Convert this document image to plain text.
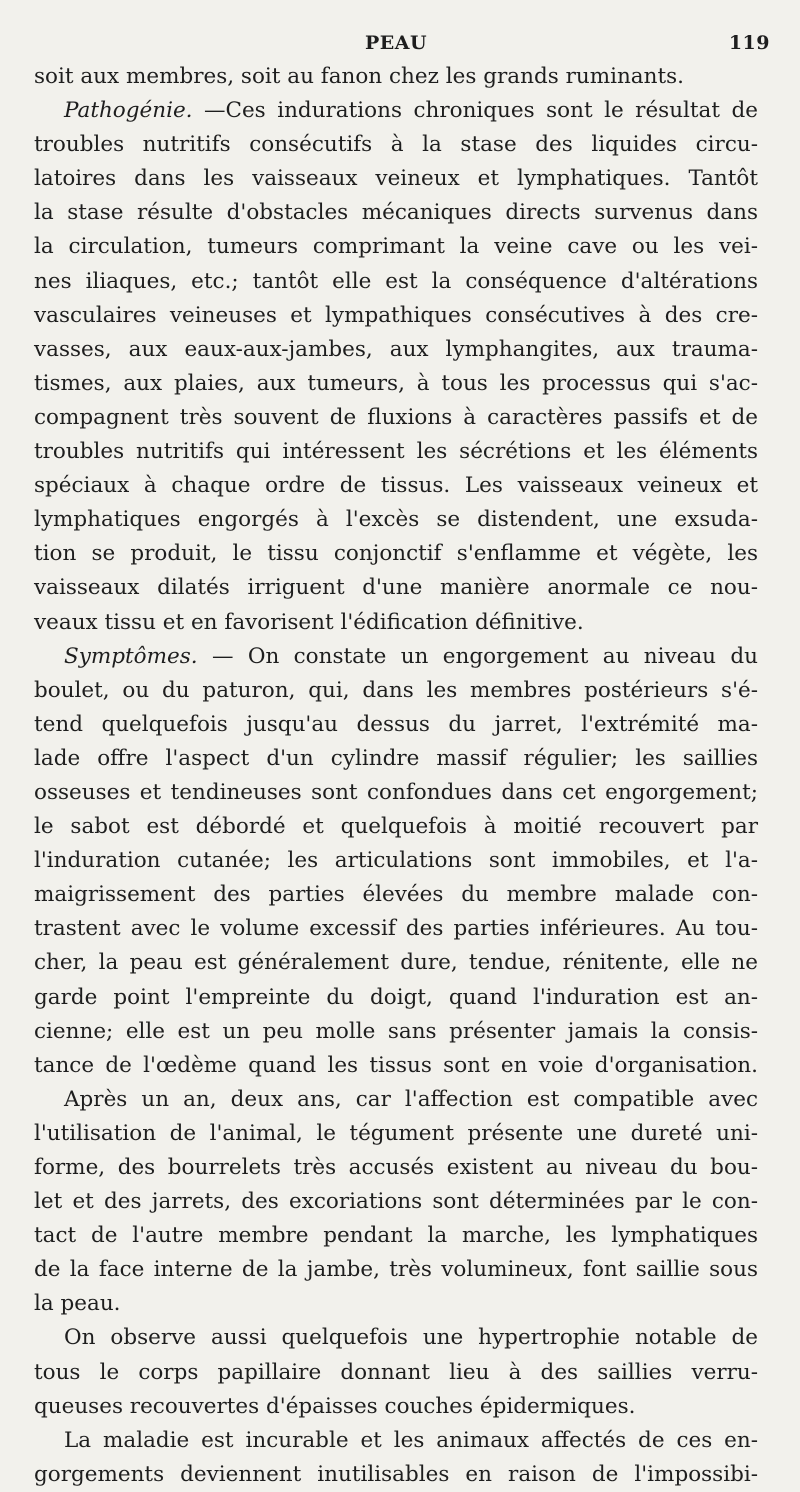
PEAU	119
soit aux membres, soit au fanon chez les grands ruminants.
Pathogénie. —Ces indurations chroniques sont le résultat de
troubles nutritifs consécutifs à la stase des liquides circu-
latoires dans les vaisseaux veineux et lymphatiques. Tantôt
la stase résulte d'obstacles mécaniques directs survenus dans
la circulation, tumeurs comprimant la veine cave ou les vei-
nes iliaques, etc.; tantôt elle est la conséquence d'altérations
vasculaires veineuses et lympathiques consécutives à des cre-
vasses, aux eaux-aux-jambes, aux lymphangites, aux trauma-
tismes, aux plaies, aux tumeurs, à tous les processus qui s'ac-
compagnent très souvent de fluxions à caractères passifs et de
troubles nutritifs qui intéressent les sécrétions et les éléments
spéciaux à chaque ordre de tissus. Les vaisseaux veineux et
lymphatiques engorgés à l'excès se distendent, une exsuda-
tion se produit, le tissu conjonctif s'enflamme et végète, les
vaisseaux dilatés irriguent d'une manière anormale ce nou-
veaux tissu et en favorisent l'édification définitive.
Symptômes. — On constate un engorgement au niveau du
boulet, ou du paturon, qui, dans les membres postérieurs s'é-
tend quelquefois jusqu'au dessus du jarret, l'extrémité ma-
lade offre l'aspect d'un cylindre massif régulier; les saillies
osseuses et tendineuses sont confondues dans cet engorgement;
le sabot est débordé et quelquefois à moitié recouvert par
l'induration cutanée; les articulations sont immobiles, et l'a-
maigrissement des parties élevées du membre malade con-
trastent avec le volume excessif des parties inférieures. Au tou-
cher, la peau est généralement dure, tendue, rénitente, elle ne
garde point l'empreinte du doigt, quand l'induration est an-
cienne; elle est un peu molle sans présenter jamais la consis-
tance de l'œdème quand les tissus sont en voie d'organisation.
Après un an, deux ans, car l'affection est compatible avec
l'utilisation de l'animal, le tégument présente une dureté uni-
forme, des bourrelets très accusés existent au niveau du bou-
let et des jarrets, des excoriations sont déterminées par le con-
tact de l'autre membre pendant la marche, les lymphatiques
de la face interne de la jambe, très volumineux, font saillie sous
la peau.
On observe aussi quelquefois une hypertrophie notable de
tous le corps papillaire donnant lieu à des saillies verru-
queuses recouvertes d'épaisses couches épidermiques.
La maladie est incurable et les animaux affectés de ces en-
gorgements deviennent inutilisables en raison de l'impossibi-
